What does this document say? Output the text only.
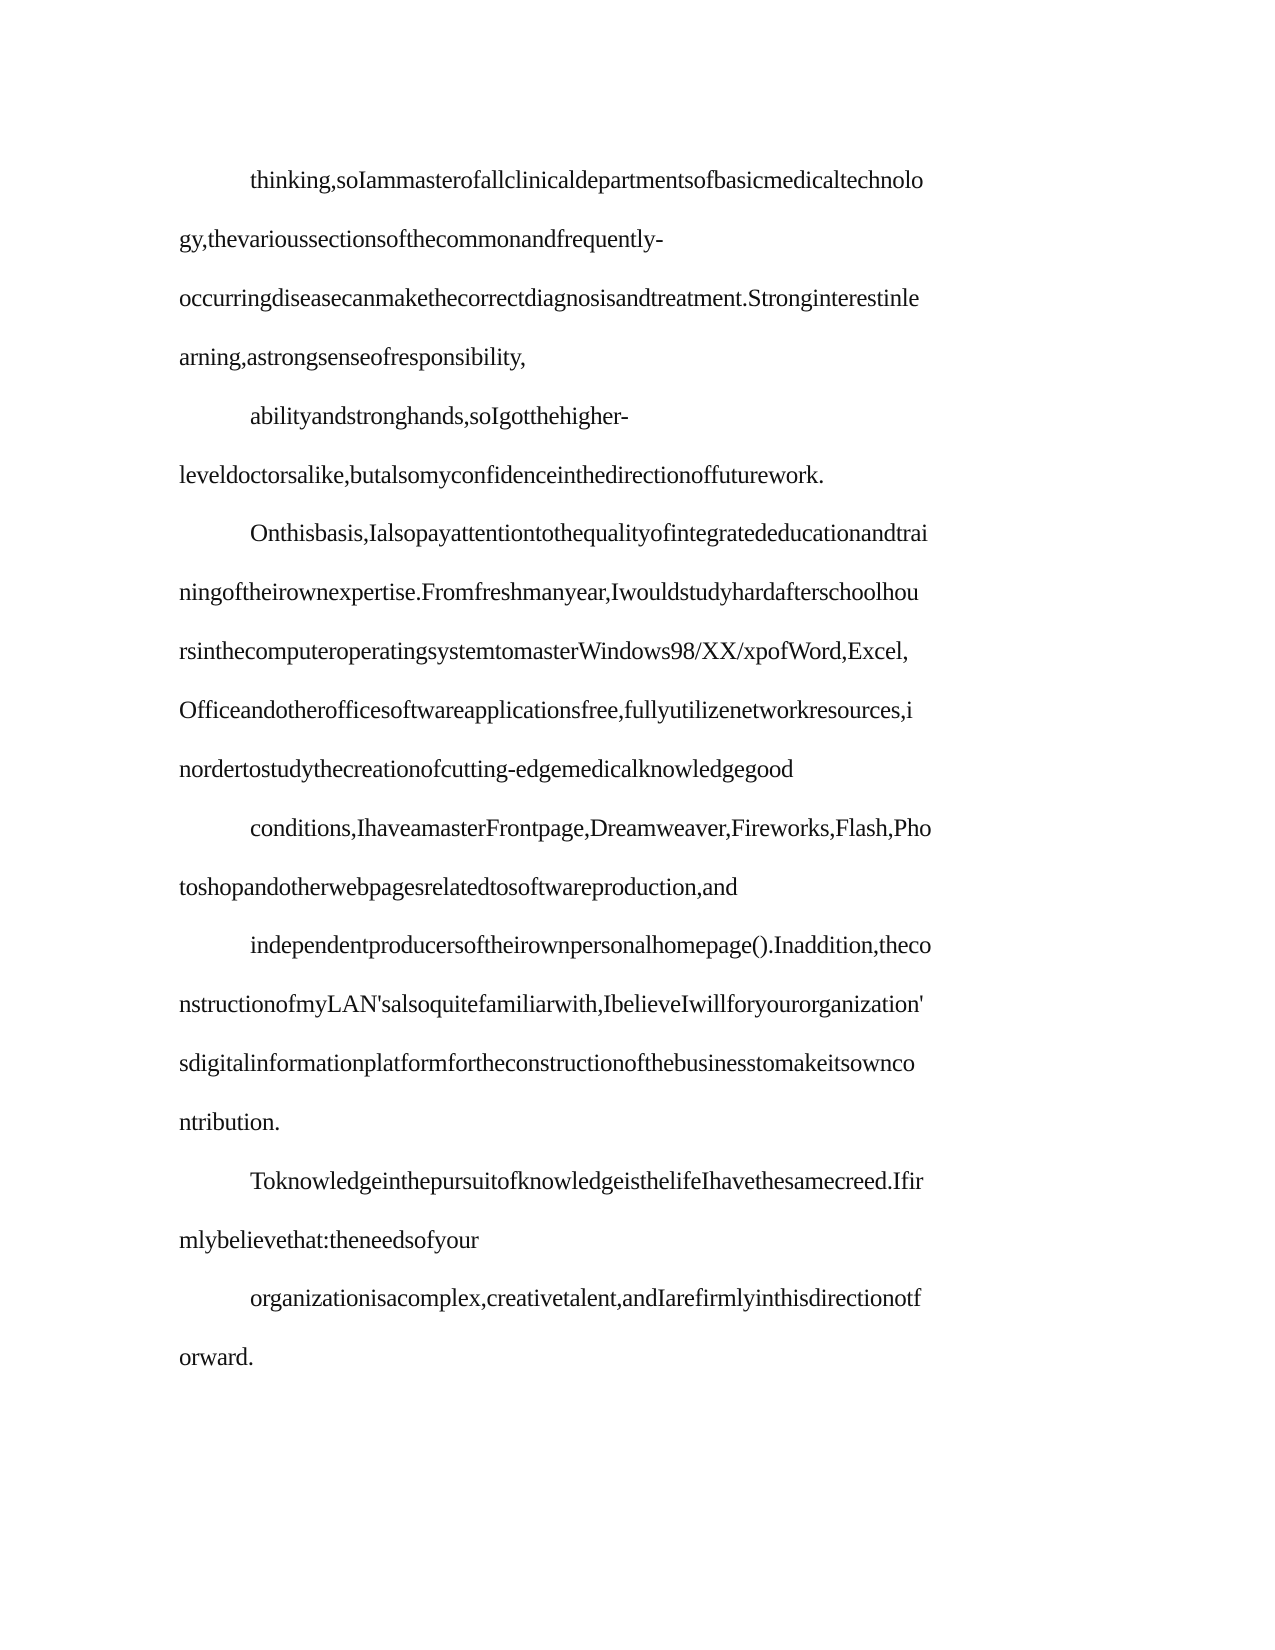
thinking,soIammasterofallclinicaldepartmentsofbasicmedicaltechnolo
gy,thevarioussectionsofthecommonandfrequently-
occurringdiseasecanmakethecorrectdiagnosisandtreatment.Stronginterestinle
arning,astrongsenseofresponsibility,
abilityandstronghands,soIgotthehigher-
leveldoctorsalike,butalsomyconfidenceinthedirectionoffuturework.
Onthisbasis,Ialsopayattentiontothequalityofintegratededucationandtrai
ningoftheirownexpertise.Fromfreshmanyear,Iwouldstudyhardafterschoolhou
rsinthecomputeroperatingsystemtomasterWindows98/XX/xpofWord,Excel,
Officeandotherofficesoftwareapplicationsfree,fullyutilizenetworkresources,i
nordertostudythecreationofcutting-edgemedicalknowledgegood
conditions,IhaveamasterFrontpage,Dreamweaver,Fireworks,Flash,Pho
toshopandotherwebpagesrelatedtosoftwareproduction,and
independentproducersoftheirownpersonalhomepage().Inaddition,theco
nstructionofmyLAN'salsoquitefamiliarwith,IbelieveIwillforyourorganization'
sdigitalinformationplatformfortheconstructionofthebusinesstomakeitsownco
ntribution.
ToknowledgeinthepursuitofknowledgeisthelifeIhavethesamecreed.Ifir
mlybelievethat:theneedsofyour
organizationisacomplex,creativetalent,andIarefirmlyinthisdirectionotf
orward.
